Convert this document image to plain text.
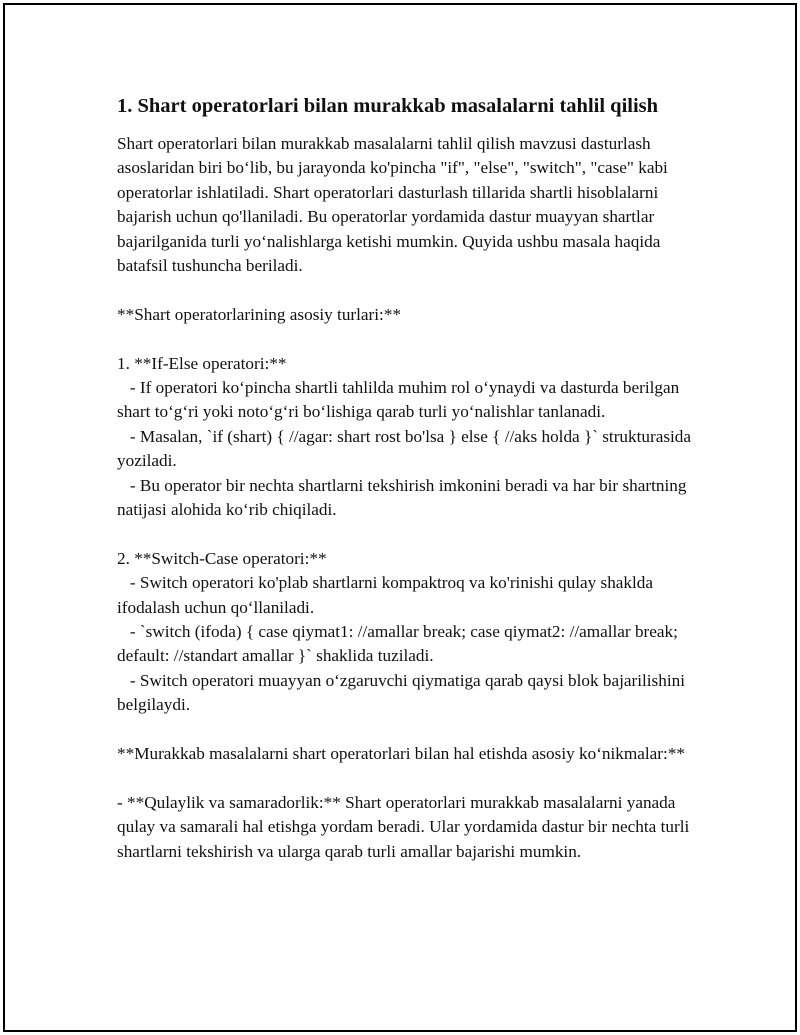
1. Shart operatorlari bilan murakkab masalalarni tahlil qilish

Shart operatorlari bilan murakkab masalalarni tahlil qilish mavzusi dasturlash asoslaridan biri bo‘lib, bu jarayonda ko'pincha "if", "else", "switch", "case" kabi operatorlar ishlatiladi. Shart operatorlari dasturlash tillarida shartli hisoblalarni bajarish uchun qo'llaniladi. Bu operatorlar yordamida dastur muayyan shartlar bajarilganida turli yo‘nalishlarga ketishi mumkin. Quyida ushbu masala haqida batafsil tushuncha beriladi.

**Shart operatorlarining asosiy turlari:**

1. **If-Else operatori:**

- If operatori ko‘pincha shartli tahlilda muhim rol o‘ynaydi va dasturda berilgan shart to‘g‘ri yoki noto‘g‘ri bo‘lishiga qarab turli yo‘nalishlar tanlanadi.

- Masalan, `if (shart) { //agar: shart rost bo'lsa } else { //aks holda }` strukturasida yoziladi.

- Bu operator bir nechta shartlarni tekshirish imkonini beradi va har bir shartning natijasi alohida ko‘rib chiqiladi.

2. **Switch-Case operatori:**

- Switch operatori ko'plab shartlarni kompaktroq va ko'rinishi qulay shaklda ifodalash uchun qo‘llaniladi.

- `switch (ifoda) { case qiymat1: //amallar break; case qiymat2: //amallar break; default: //standart amallar }` shaklida tuziladi.

- Switch operatori muayyan o‘zgaruvchi qiymatiga qarab qaysi blok bajarilishini belgilaydi.

**Murakkab masalalarni shart operatorlari bilan hal etishda asosiy ko‘nikmalar:**

- **Qulaylik va samaradorlik:** Shart operatorlari murakkab masalalarni yanada qulay va samarali hal etishga yordam beradi. Ular yordamida dastur bir nechta turli shartlarni tekshirish va ularga qarab turli amallar bajarishi mumkin.
